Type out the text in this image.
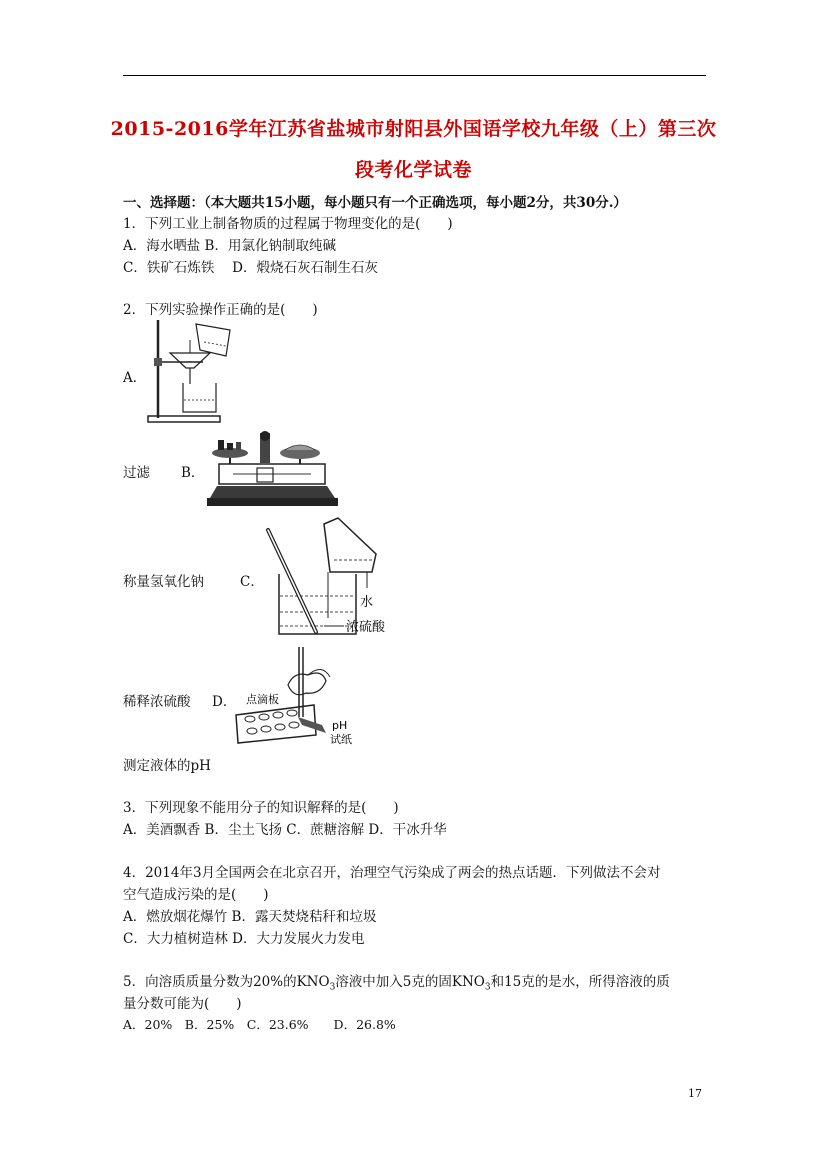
2015-2016学年江苏省盐城市射阳县外国语学校九年级（上）第三次
段考化学试卷
一、选择题：（本大题共15小题，每小题只有一个正确选项，每小题2分，共30分.）
1．下列工业上制备物质的过程属于物理变化的是(　　)
A．海水晒盐 B．用氯化钠制取纯碱
C．铁矿石炼铁　 D．煅烧石灰石制生石灰
2．下列实验操作正确的是(　　)
A．
过滤 B．
称量氢氧化钠	C．
水
浓硫酸
稀释浓硫酸 D． 点滴板
pH
试纸
测定液体的pH
3．下列现象不能用分子的知识解释的是(　　)
A．美酒飘香 B．尘土飞扬 C．蔗糖溶解 D．干冰升华
4．2014年3月全国两会在北京召开，治理空气污染成了两会的热点话题．下列做法不会对
空气造成污染的是(　　)
A．燃放烟花爆竹 B．露天焚烧秸秆和垃圾
C．大力植树造林 D．大力发展火力发电
5．向溶质质量分数为20%的$KNO_3$溶液中加入5克的固$KNO_3$和15克的是水，所得溶液的质
量分数可能为(　　)
A．20%　B．25%　C．23.6%　　D．26.8%
17
